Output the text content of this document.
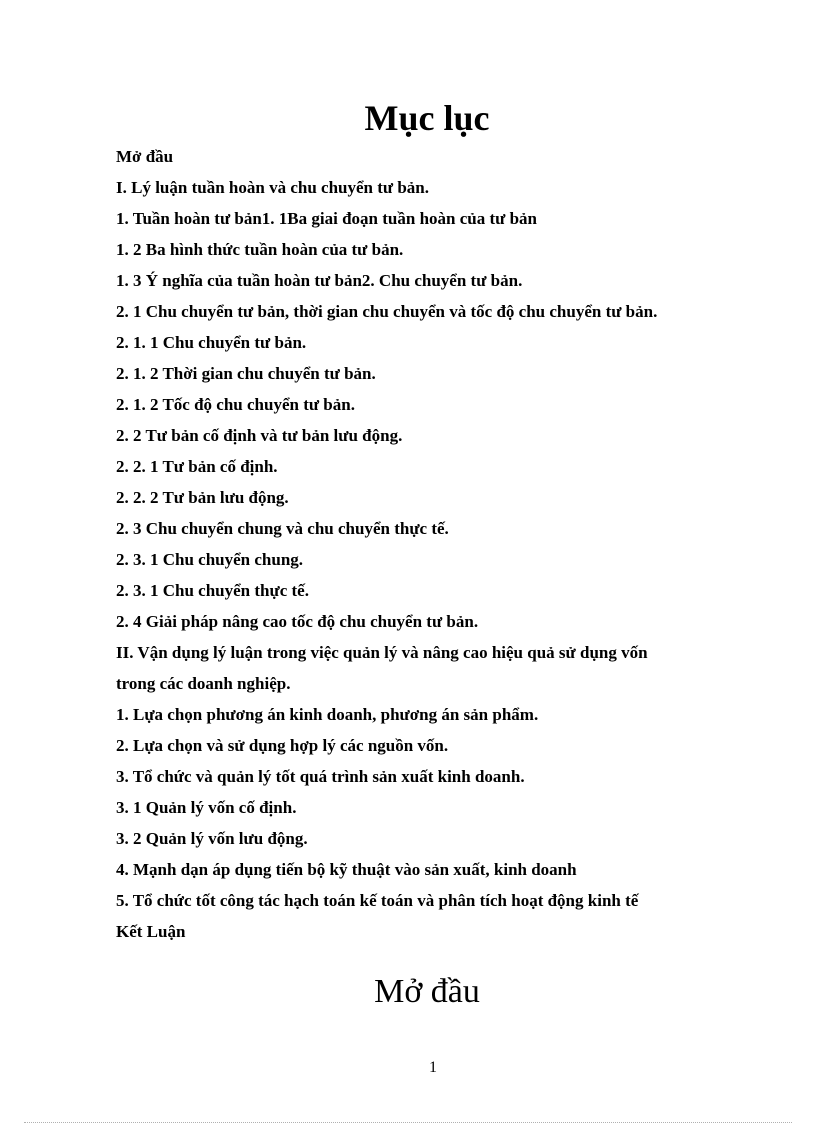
Mục lục
Mở đầu
I. Lý luận tuần hoàn và chu chuyển tư bản.
1. Tuần hoàn tư bản1. 1Ba giai đoạn tuần hoàn của tư bản
1. 2 Ba hình thức tuần hoàn của tư bản.
1. 3 Ý nghĩa của tuần hoàn tư bản2. Chu chuyển tư bản.
2. 1 Chu chuyển tư bản, thời gian chu chuyển và tốc độ chu chuyển tư bản.
2. 1. 1 Chu chuyển tư bản.
2. 1. 2 Thời gian chu chuyển tư bản.
2. 1. 2 Tốc độ chu chuyển tư bản.
2. 2 Tư bản cố định và tư bản lưu động.
2. 2. 1 Tư bản cố định.
2. 2. 2 Tư bản lưu động.
2. 3 Chu chuyển chung và chu chuyển thực tế.
2. 3. 1 Chu chuyển chung.
2. 3. 1 Chu chuyển thực tế.
2. 4 Giải pháp nâng cao tốc độ chu chuyển tư bản.
II. Vận dụng lý luận trong việc quản lý và nâng cao hiệu quả sử dụng vốn
trong các doanh nghiệp.
1. Lựa chọn phương án kinh doanh, phương án sản phẩm.
2. Lựa chọn và sử dụng hợp lý các nguồn vốn.
3. Tổ chức và quản lý tốt quá trình sản xuất kinh doanh.
3. 1 Quản lý vốn cố định.
3. 2 Quản lý vốn lưu động.
4. Mạnh dạn áp dụng tiến bộ kỹ thuật vào sản xuất, kinh doanh
5. Tổ chức tốt công tác hạch toán kế toán và phân tích hoạt động kinh tế
Kết Luận
Mở đầu
1
